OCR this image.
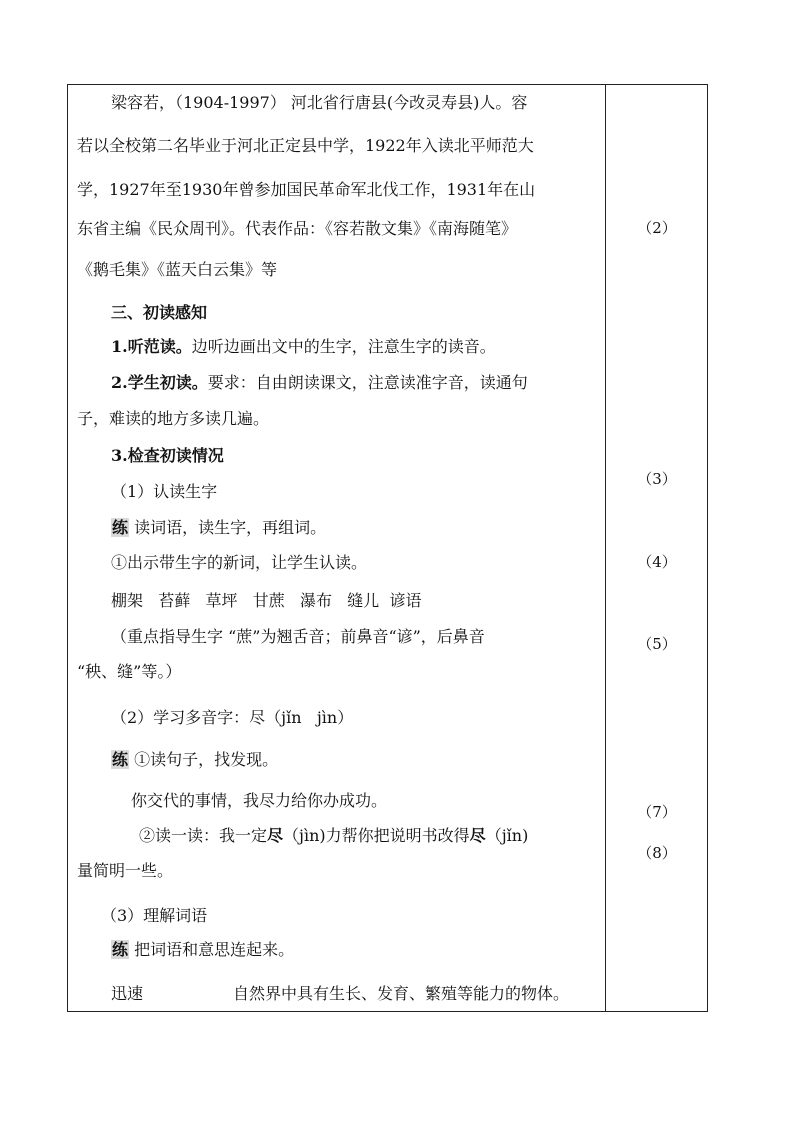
梁容若，（1904-1997） 河北省行唐县(今改灵寿县)人。容
若以全校第二名毕业于河北正定县中学，1922年入读北平师范大
学，1927年至1930年曾参加国民革命军北伐工作，1931年在山
东省主编《民众周刊》。代表作品：《容若散文集》《南海随笔》
《鹅毛集》《蓝天白云集》等
三、初读感知
1.听范读。边听边画出文中的生字，注意生字的读音。
2.学生初读。要求：自由朗读课文，注意读准字音，读通句
子，难读的地方多读几遍。
3.检查初读情况
（1）认读生字
练 读词语，读生字，再组词。
①出示带生字的新词，让学生认读。
棚架   苔藓   草坪   甘蔗   瀑布   缝儿  谚语
（重点指导生字 “蔗”为翘舌音；前鼻音“谚”，后鼻音
“秧、缝”等。）
（2）学习多音字：尽（jǐn   jìn）
练 ①读句子，找发现。
你交代的事情，我尽力给你办成功。
②读一读：我一定尽（jìn)力帮你把说明书改得尽（jǐn)
量简明一些。
（3）理解词语
练 把词语和意思连起来。
迅速	自然界中具有生长、发育、繁殖等能力的物体。
（2）
（3）
（4）
（5）
（7）
（8）
